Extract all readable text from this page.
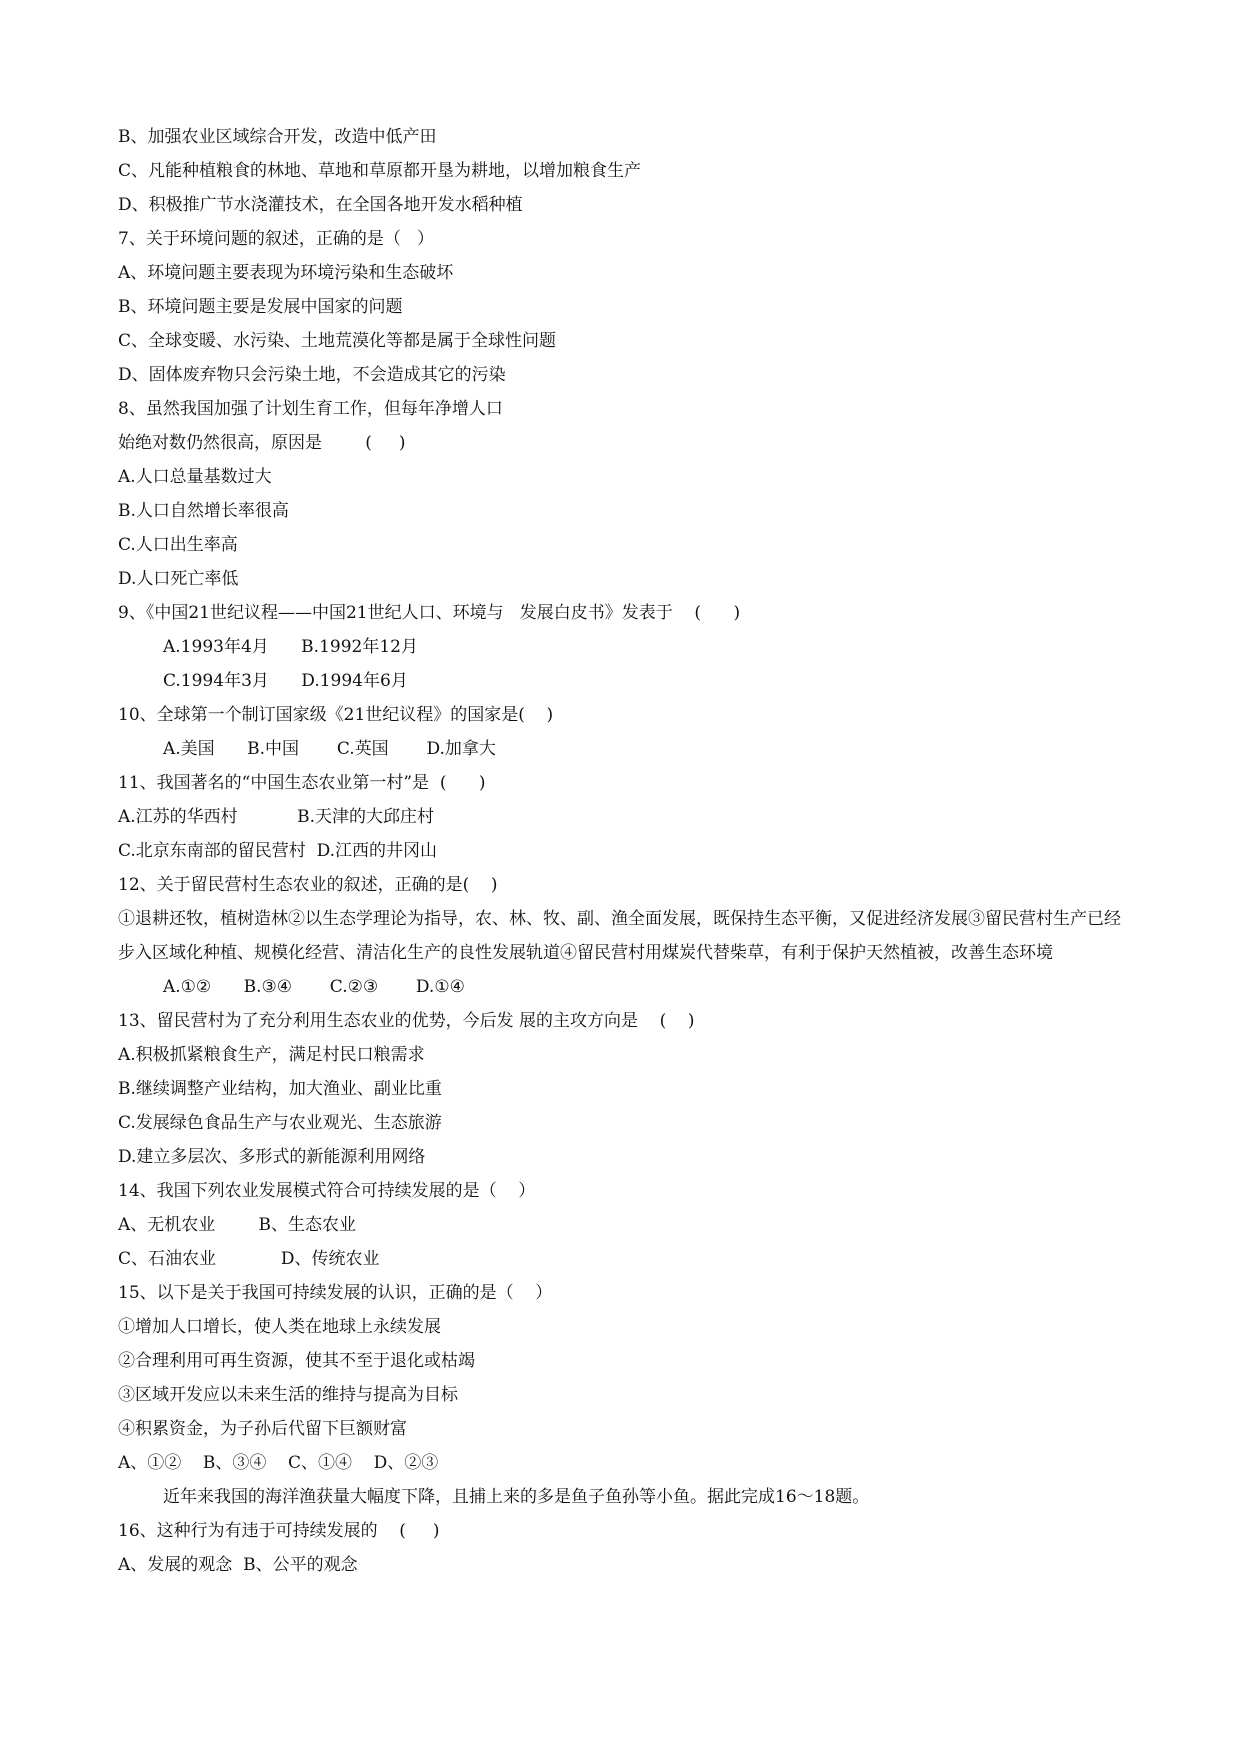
B、加强农业区域综合开发，改造中低产田
C、凡能种植粮食的林地、草地和草原都开垦为耕地，以增加粮食生产
D、积极推广节水浇灌技术，在全国各地开发水稻种植
7、关于环境问题的叙述，正确的是（   ）
A、环境问题主要表现为环境污染和生态破坏
B、环境问题主要是发展中国家的问题
C、全球变暖、水污染、土地荒漠化等都是属于全球性问题
D、固体废弃物只会污染土地，不会造成其它的污染
8、虽然我国加强了计划生育工作，但每年净增人口
始绝对数仍然很高，原因是        (     )
A.人口总量基数过大
B.人口自然增长率很高
C.人口出生率高
D.人口死亡率低
9、《中国21世纪议程——中国21世纪人口、环境与   发展白皮书》发表于    (      )
A.1993年4月      B.1992年12月
C.1994年3月      D.1994年6月
10、全球第一个制订国家级《21世纪议程》的国家是(    )
A.美国      B.中国       C.英国       D.加拿大
11、我国著名的“中国生态农业第一村”是  (      )
A.江苏的华西村           B.天津的大邱庄村
C.北京东南部的留民营村  D.江西的井冈山
12、关于留民营村生态农业的叙述，正确的是(    )
①退耕还牧，植树造林②以生态学理论为指导，农、林、牧、副、渔全面发展，既保持生态平衡，又促进经济发展③留民营村生产已经步入区域化种植、规模化经营、清洁化生产的良性发展轨道④留民营村用煤炭代替柴草，有利于保护天然植被，改善生态环境
A.①②      B.③④       C.②③       D.①④
13、留民营村为了充分利用生态农业的优势，今后发 展的主攻方向是    (    )
A.积极抓紧粮食生产，满足村民口粮需求
B.继续调整产业结构，加大渔业、副业比重
C.发展绿色食品生产与农业观光、生态旅游
D.建立多层次、多形式的新能源利用网络
14、我国下列农业发展模式符合可持续发展的是（    ）
A、无机农业        B、生态农业
C、石油农业            D、传统农业
15、以下是关于我国可持续发展的认识，正确的是（    ）
①增加人口增长，使人类在地球上永续发展
②合理利用可再生资源，使其不至于退化或枯竭
③区域开发应以未来生活的维持与提高为目标
④积累资金，为子孙后代留下巨额财富
A、①②    B、③④    C、①④    D、②③
近年来我国的海洋渔获量大幅度下降，且捕上来的多是鱼子鱼孙等小鱼。据此完成16～18题。
16、这种行为有违于可持续发展的    (     )
A、发展的观念  B、公平的观念
